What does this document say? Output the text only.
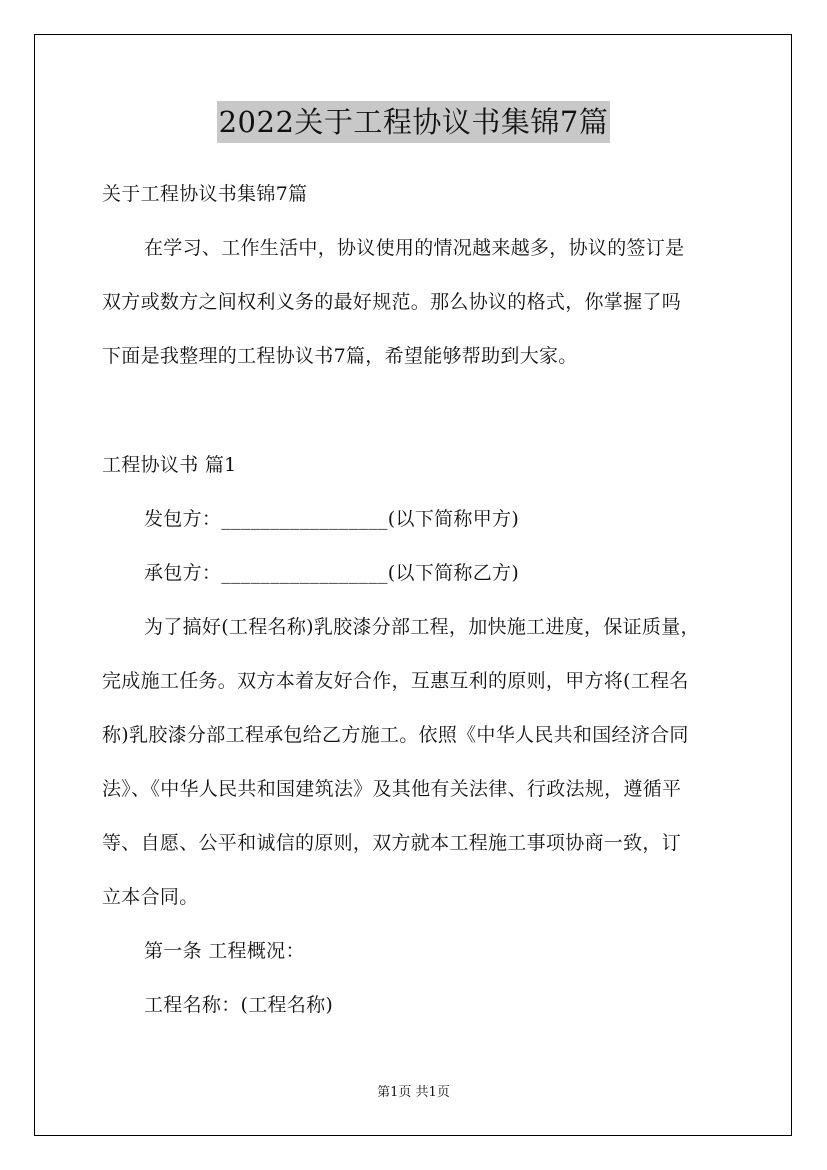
2022关于工程协议书集锦7篇
关于工程协议书集锦7篇
在学习、工作生活中，协议使用的情况越来越多，协议的签订是
双方或数方之间权利义务的最好规范。那么协议的格式，你掌握了吗
下面是我整理的工程协议书7篇，希望能够帮助到大家。
工程协议书 篇1
发包方：_________________(以下简称甲方)
承包方：_________________(以下简称乙方)
为了搞好(工程名称)乳胶漆分部工程，加快施工进度，保证质量，
完成施工任务。双方本着友好合作，互惠互利的原则，甲方将(工程名
称)乳胶漆分部工程承包给乙方施工。依照《中华人民共和国经济合同
法》、《中华人民共和国建筑法》及其他有关法律、行政法规，遵循平
等、自愿、公平和诚信的原则，双方就本工程施工事项协商一致，订
立本合同。
第一条 工程概况：
工程名称：(工程名称)
第1页 共1页
